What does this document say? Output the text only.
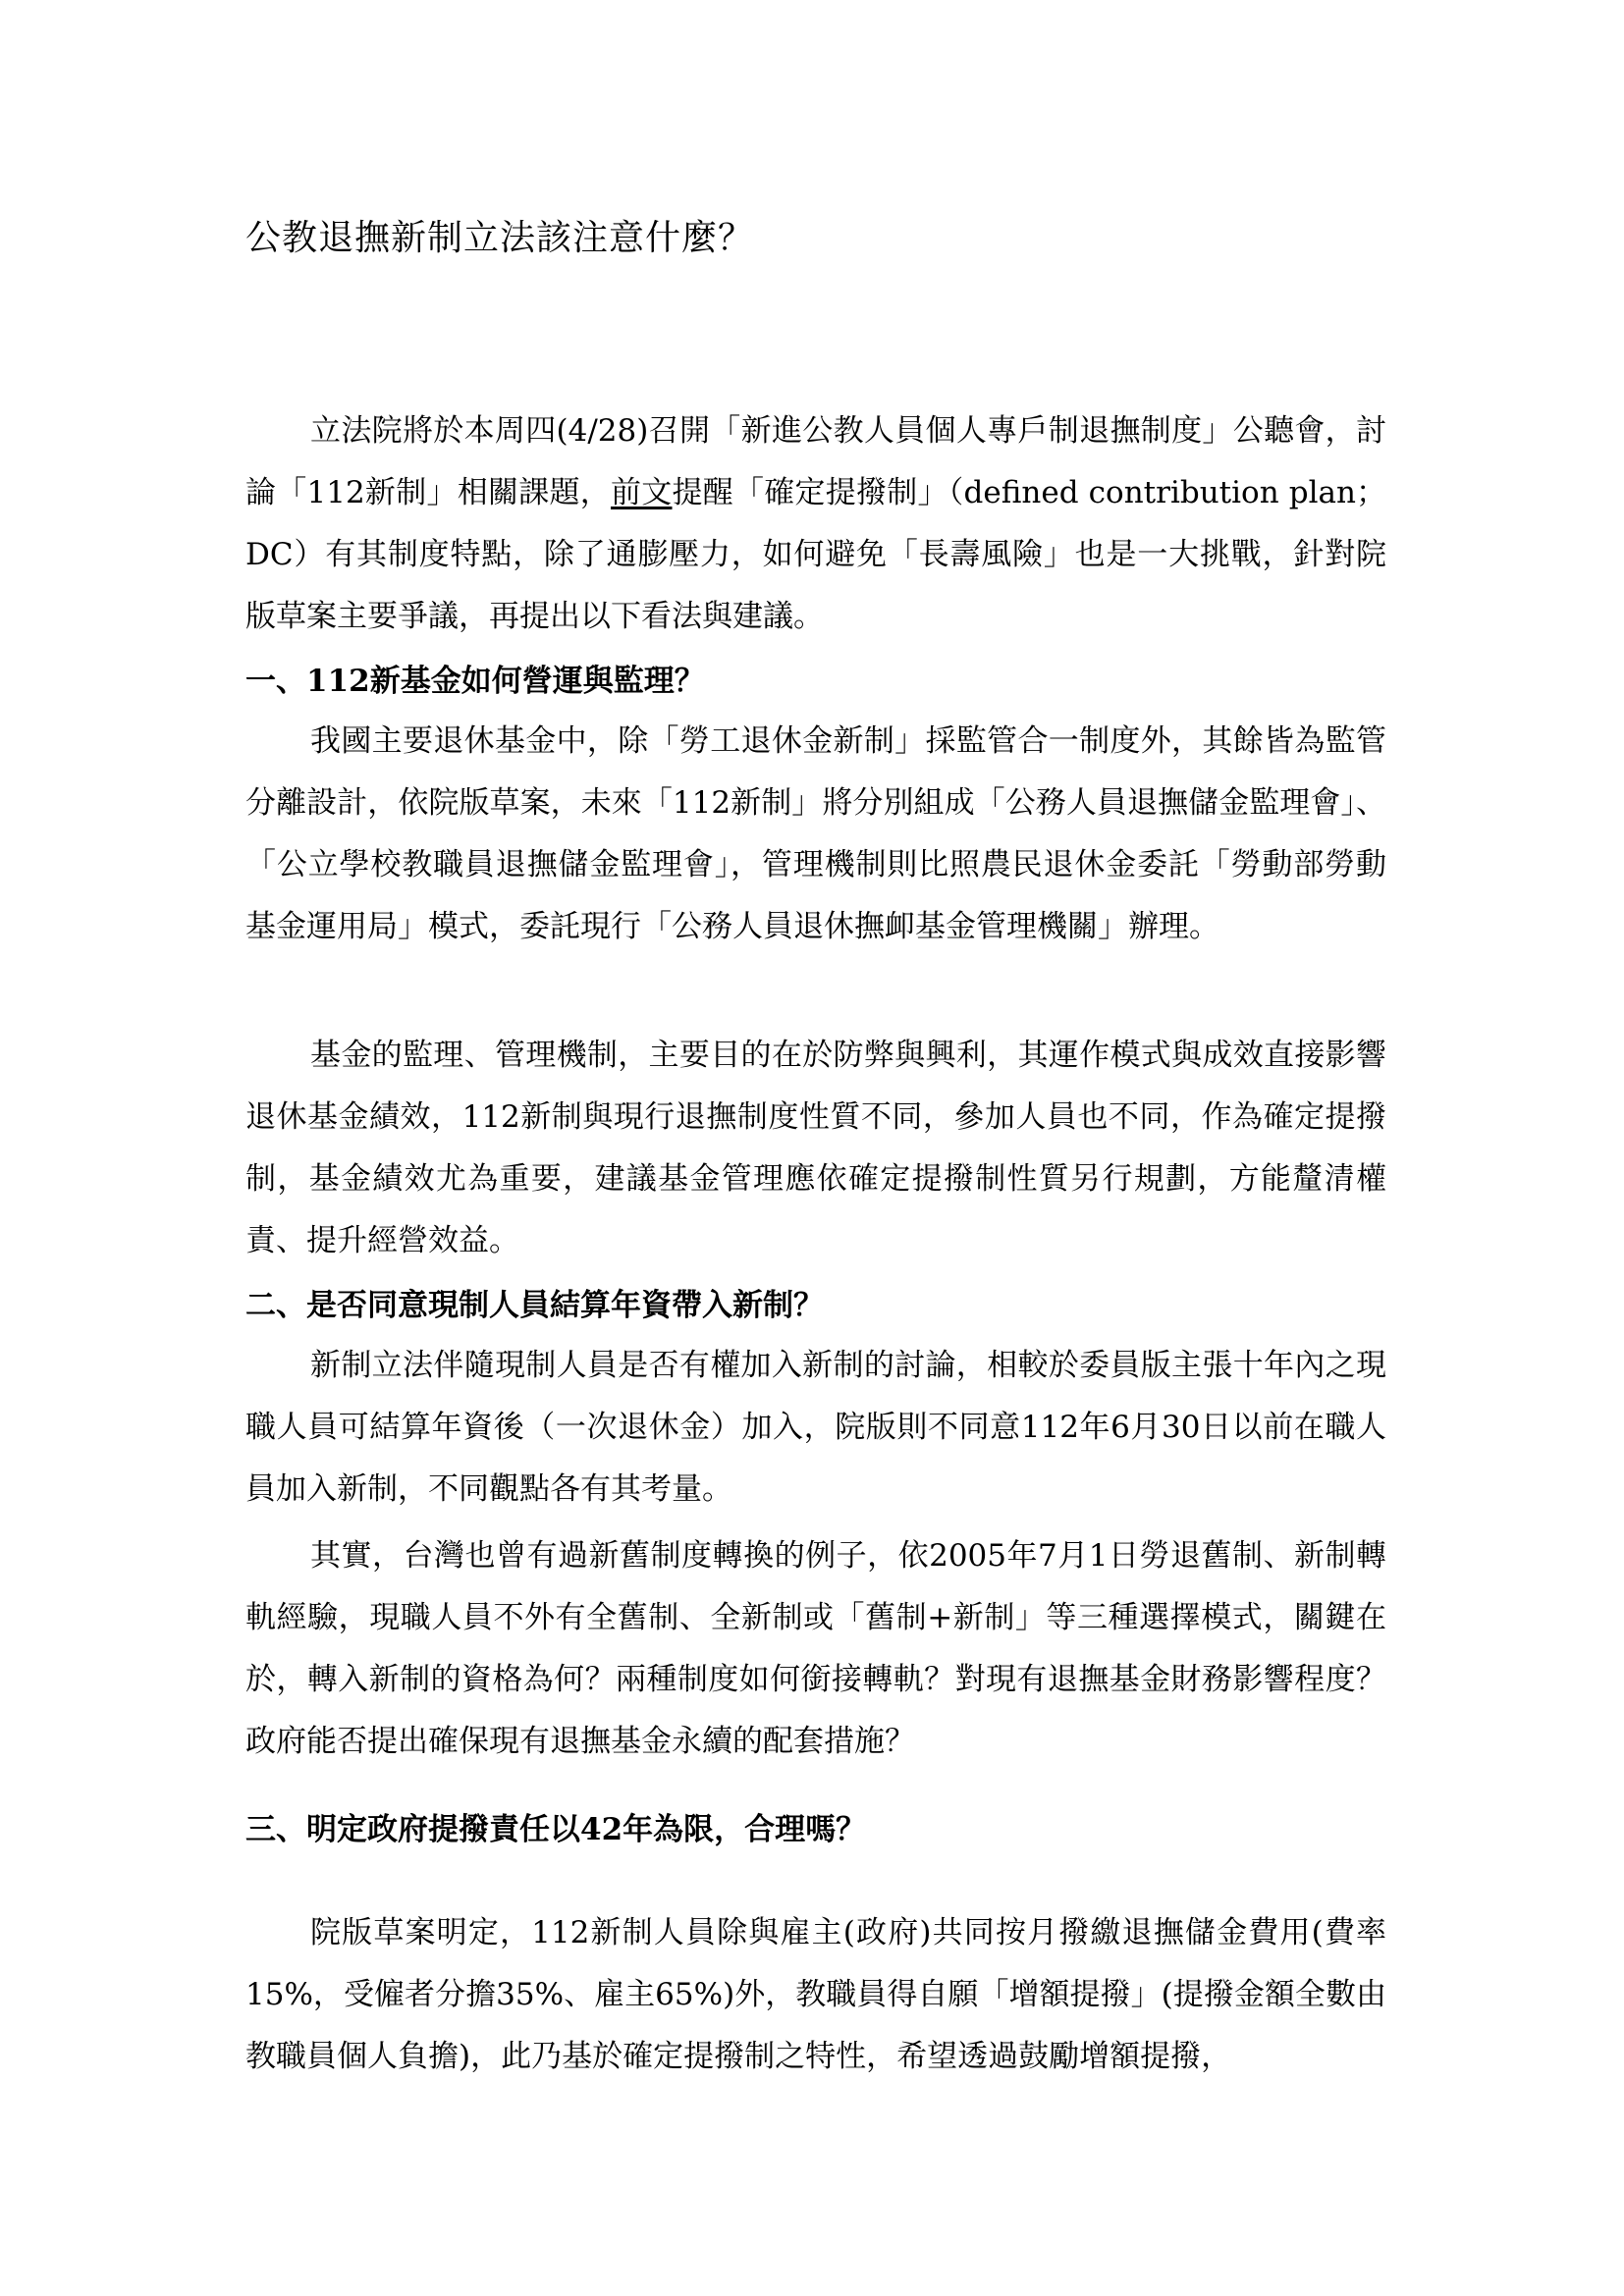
公教退撫新制立法該注意什麼？

立法院將於本周四(4/28)召開「新進公教人員個人專戶制退撫制度」公聽會，討論「112新制」相關課題，前文提醒「確定提撥制」（defined contribution plan；DC）有其制度特點，除了通膨壓力，如何避免「長壽風險」也是一大挑戰，針對院版草案主要爭議，再提出以下看法與建議。

一、112新基金如何營運與監理？

我國主要退休基金中，除「勞工退休金新制」採監管合一制度外，其餘皆為監管分離設計，依院版草案，未來「112新制」將分別組成「公務人員退撫儲金監理會」、「公立學校教職員退撫儲金監理會」，管理機制則比照農民退休金委託「勞動部勞動基金運用局」模式，委託現行「公務人員退休撫卹基金管理機關」辦理。

基金的監理、管理機制，主要目的在於防弊與興利，其運作模式與成效直接影響退休基金績效，112新制與現行退撫制度性質不同，參加人員也不同，作為確定提撥制，基金績效尤為重要，建議基金管理應依確定提撥制性質另行規劃，方能釐清權責、提升經營效益。

二、是否同意現制人員結算年資帶入新制？

新制立法伴隨現制人員是否有權加入新制的討論，相較於委員版主張十年內之現職人員可結算年資後（一次退休金）加入，院版則不同意112年6月30日以前在職人員加入新制，不同觀點各有其考量。

其實，台灣也曾有過新舊制度轉換的例子，依2005年7月1日勞退舊制、新制轉軌經驗，現職人員不外有全舊制、全新制或「舊制+新制」等三種選擇模式，關鍵在於，轉入新制的資格為何？兩種制度如何銜接轉軌？對現有退撫基金財務影響程度？政府能否提出確保現有退撫基金永續的配套措施？

三、明定政府提撥責任以42年為限，合理嗎？

院版草案明定，112新制人員除與雇主(政府)共同按月撥繳退撫儲金費用(費率15%，受僱者分擔35%、雇主65%)外，教職員得自願「增額提撥」(提撥金額全數由教職員個人負擔)，此乃基於確定提撥制之特性，希望透過鼓勵增額提撥，
